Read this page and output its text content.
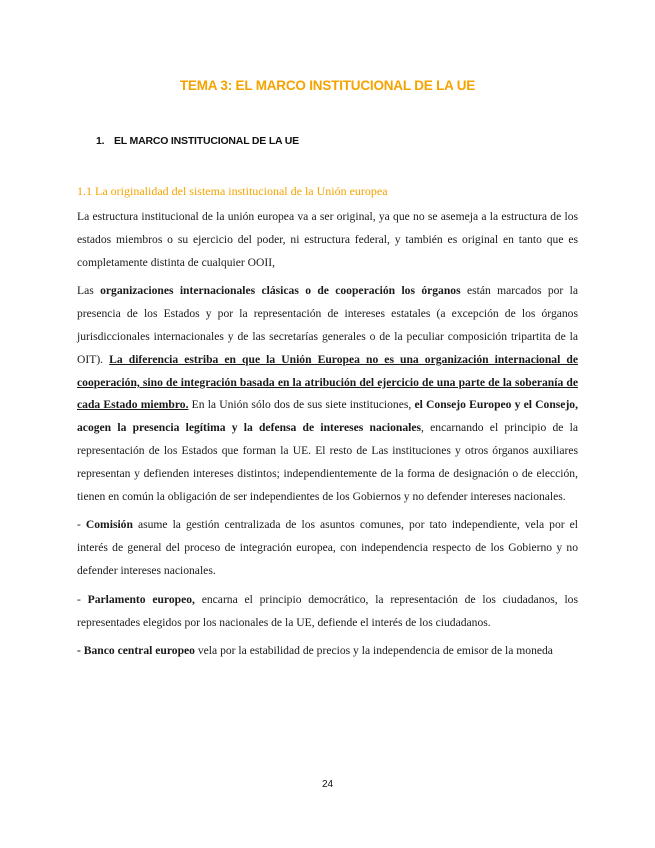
TEMA 3: EL MARCO INSTITUCIONAL DE LA UE
1. EL MARCO INSTITUCIONAL DE LA UE
1.1 La originalidad del sistema institucional de la Unión europea

La estructura institucional de la unión europea va a ser original, ya que no se asemeja a la estructura de los estados miembros o su ejercicio del poder, ni estructura federal, y también es original en tanto que es completamente distinta de cualquier OOII,

Las organizaciones internacionales clásicas o de cooperación los órganos están marcados por la presencia de los Estados y por la representación de intereses estatales (a excepción de los órganos jurisdiccionales internacionales y de las secretarías generales o de la peculiar composición tripartita de la OIT). La diferencia estriba en que la Unión Europea no es una organización internacional de cooperación, sino de integración basada en la atribución del ejercicio de una parte de la soberanía de cada Estado miembro. En la Unión sólo dos de sus siete instituciones, el Consejo Europeo y el Consejo, acogen la presencia legítima y la defensa de intereses nacionales, encarnando el principio de la representación de los Estados que forman la UE. El resto de Las instituciones y otros órganos auxiliares representan y defienden intereses distintos; independientemente de la forma de designación o de elección, tienen en común la obligación de ser independientes de los Gobiernos y no defender intereses nacionales.

- Comisión asume la gestión centralizada de los asuntos comunes, por tato independiente, vela por el interés de general del proceso de integración europea, con independencia respecto de los Gobierno y no defender intereses nacionales.

- Parlamento europeo, encarna el principio democrático, la representación de los ciudadanos, los representades elegidos por los nacionales de la UE, defiende el interés de los ciudadanos.

- Banco central europeo vela por la estabilidad de precios y la independencia de emisor de la moneda

24
